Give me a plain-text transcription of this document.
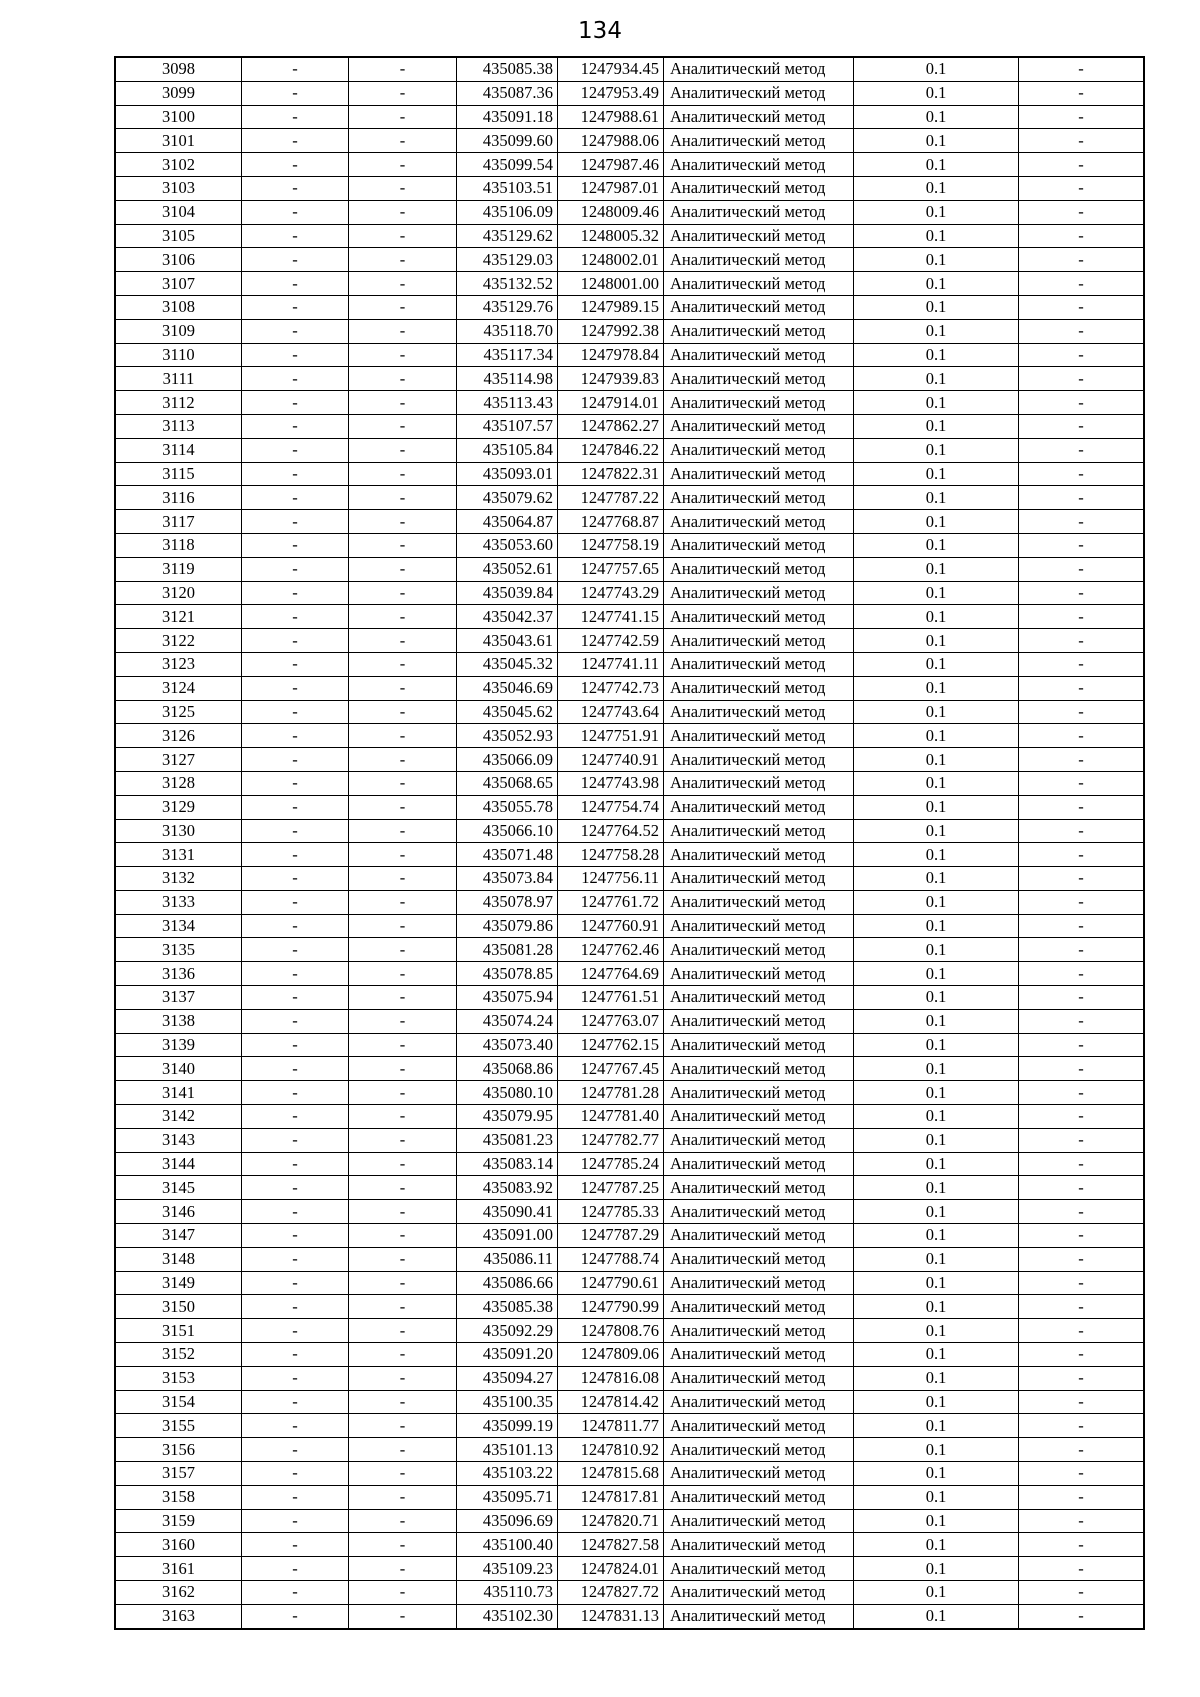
134
3098	-	-	435085.38	1247934.45	Аналитический метод	0.1	-
3099	-	-	435087.36	1247953.49	Аналитический метод	0.1	-
3100	-	-	435091.18	1247988.61	Аналитический метод	0.1	-
3101	-	-	435099.60	1247988.06	Аналитический метод	0.1	-
3102	-	-	435099.54	1247987.46	Аналитический метод	0.1	-
3103	-	-	435103.51	1247987.01	Аналитический метод	0.1	-
3104	-	-	435106.09	1248009.46	Аналитический метод	0.1	-
3105	-	-	435129.62	1248005.32	Аналитический метод	0.1	-
3106	-	-	435129.03	1248002.01	Аналитический метод	0.1	-
3107	-	-	435132.52	1248001.00	Аналитический метод	0.1	-
3108	-	-	435129.76	1247989.15	Аналитический метод	0.1	-
3109	-	-	435118.70	1247992.38	Аналитический метод	0.1	-
3110	-	-	435117.34	1247978.84	Аналитический метод	0.1	-
3111	-	-	435114.98	1247939.83	Аналитический метод	0.1	-
3112	-	-	435113.43	1247914.01	Аналитический метод	0.1	-
3113	-	-	435107.57	1247862.27	Аналитический метод	0.1	-
3114	-	-	435105.84	1247846.22	Аналитический метод	0.1	-
3115	-	-	435093.01	1247822.31	Аналитический метод	0.1	-
3116	-	-	435079.62	1247787.22	Аналитический метод	0.1	-
3117	-	-	435064.87	1247768.87	Аналитический метод	0.1	-
3118	-	-	435053.60	1247758.19	Аналитический метод	0.1	-
3119	-	-	435052.61	1247757.65	Аналитический метод	0.1	-
3120	-	-	435039.84	1247743.29	Аналитический метод	0.1	-
3121	-	-	435042.37	1247741.15	Аналитический метод	0.1	-
3122	-	-	435043.61	1247742.59	Аналитический метод	0.1	-
3123	-	-	435045.32	1247741.11	Аналитический метод	0.1	-
3124	-	-	435046.69	1247742.73	Аналитический метод	0.1	-
3125	-	-	435045.62	1247743.64	Аналитический метод	0.1	-
3126	-	-	435052.93	1247751.91	Аналитический метод	0.1	-
3127	-	-	435066.09	1247740.91	Аналитический метод	0.1	-
3128	-	-	435068.65	1247743.98	Аналитический метод	0.1	-
3129	-	-	435055.78	1247754.74	Аналитический метод	0.1	-
3130	-	-	435066.10	1247764.52	Аналитический метод	0.1	-
3131	-	-	435071.48	1247758.28	Аналитический метод	0.1	-
3132	-	-	435073.84	1247756.11	Аналитический метод	0.1	-
3133	-	-	435078.97	1247761.72	Аналитический метод	0.1	-
3134	-	-	435079.86	1247760.91	Аналитический метод	0.1	-
3135	-	-	435081.28	1247762.46	Аналитический метод	0.1	-
3136	-	-	435078.85	1247764.69	Аналитический метод	0.1	-
3137	-	-	435075.94	1247761.51	Аналитический метод	0.1	-
3138	-	-	435074.24	1247763.07	Аналитический метод	0.1	-
3139	-	-	435073.40	1247762.15	Аналитический метод	0.1	-
3140	-	-	435068.86	1247767.45	Аналитический метод	0.1	-
3141	-	-	435080.10	1247781.28	Аналитический метод	0.1	-
3142	-	-	435079.95	1247781.40	Аналитический метод	0.1	-
3143	-	-	435081.23	1247782.77	Аналитический метод	0.1	-
3144	-	-	435083.14	1247785.24	Аналитический метод	0.1	-
3145	-	-	435083.92	1247787.25	Аналитический метод	0.1	-
3146	-	-	435090.41	1247785.33	Аналитический метод	0.1	-
3147	-	-	435091.00	1247787.29	Аналитический метод	0.1	-
3148	-	-	435086.11	1247788.74	Аналитический метод	0.1	-
3149	-	-	435086.66	1247790.61	Аналитический метод	0.1	-
3150	-	-	435085.38	1247790.99	Аналитический метод	0.1	-
3151	-	-	435092.29	1247808.76	Аналитический метод	0.1	-
3152	-	-	435091.20	1247809.06	Аналитический метод	0.1	-
3153	-	-	435094.27	1247816.08	Аналитический метод	0.1	-
3154	-	-	435100.35	1247814.42	Аналитический метод	0.1	-
3155	-	-	435099.19	1247811.77	Аналитический метод	0.1	-
3156	-	-	435101.13	1247810.92	Аналитический метод	0.1	-
3157	-	-	435103.22	1247815.68	Аналитический метод	0.1	-
3158	-	-	435095.71	1247817.81	Аналитический метод	0.1	-
3159	-	-	435096.69	1247820.71	Аналитический метод	0.1	-
3160	-	-	435100.40	1247827.58	Аналитический метод	0.1	-
3161	-	-	435109.23	1247824.01	Аналитический метод	0.1	-
3162	-	-	435110.73	1247827.72	Аналитический метод	0.1	-
3163	-	-	435102.30	1247831.13	Аналитический метод	0.1	-
